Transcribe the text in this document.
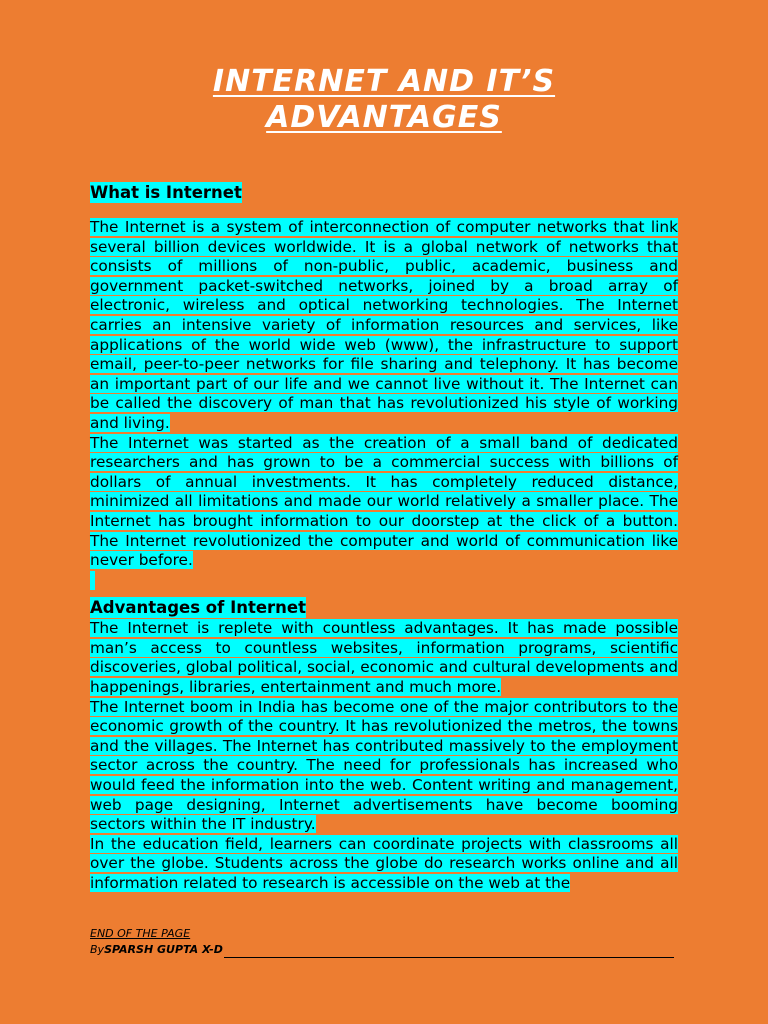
INTERNET AND IT’S
ADVANTAGES

What is Internet

The Internet is a system of interconnection of computer networks that link several billion devices worldwide. It is a global network of networks that consists of millions of non-public, public, academic, business and government packet-switched networks, joined by a broad array of electronic, wireless and optical networking technologies. The Internet carries an intensive variety of information resources and services, like applications of the world wide web (www), the infrastructure to support email, peer-to-peer networks for file sharing and telephony. It has become an important part of our life and we cannot live without it. The Internet can be called the discovery of man that has revolutionized his style of working and living.

The Internet was started as the creation of a small band of dedicated researchers and has grown to be a commercial success with billions of dollars of annual investments. It has completely reduced distance, minimized all limitations and made our world relatively a smaller place. The Internet has brought information to our doorstep at the click of a button. The Internet revolutionized the computer and world of communication like never before.

Advantages of Internet

The Internet is replete with countless advantages. It has made possible man’s access to countless websites, information programs, scientific discoveries, global political, social, economic and cultural developments and happenings, libraries, entertainment and much more.

The Internet boom in India has become one of the major contributors to the economic growth of the country. It has revolutionized the metros, the towns and the villages. The Internet has contributed massively to the employment sector across the country. The need for professionals has increased who would feed the information into the web. Content writing and management, web page designing, Internet advertisements have become booming sectors within the IT industry.

In the education field, learners can coordinate projects with classrooms all over the globe. Students across the globe do research works online and all information related to research is accessible on the web at the

END OF THE PAGE
By SPARSH GUPTA X-D
